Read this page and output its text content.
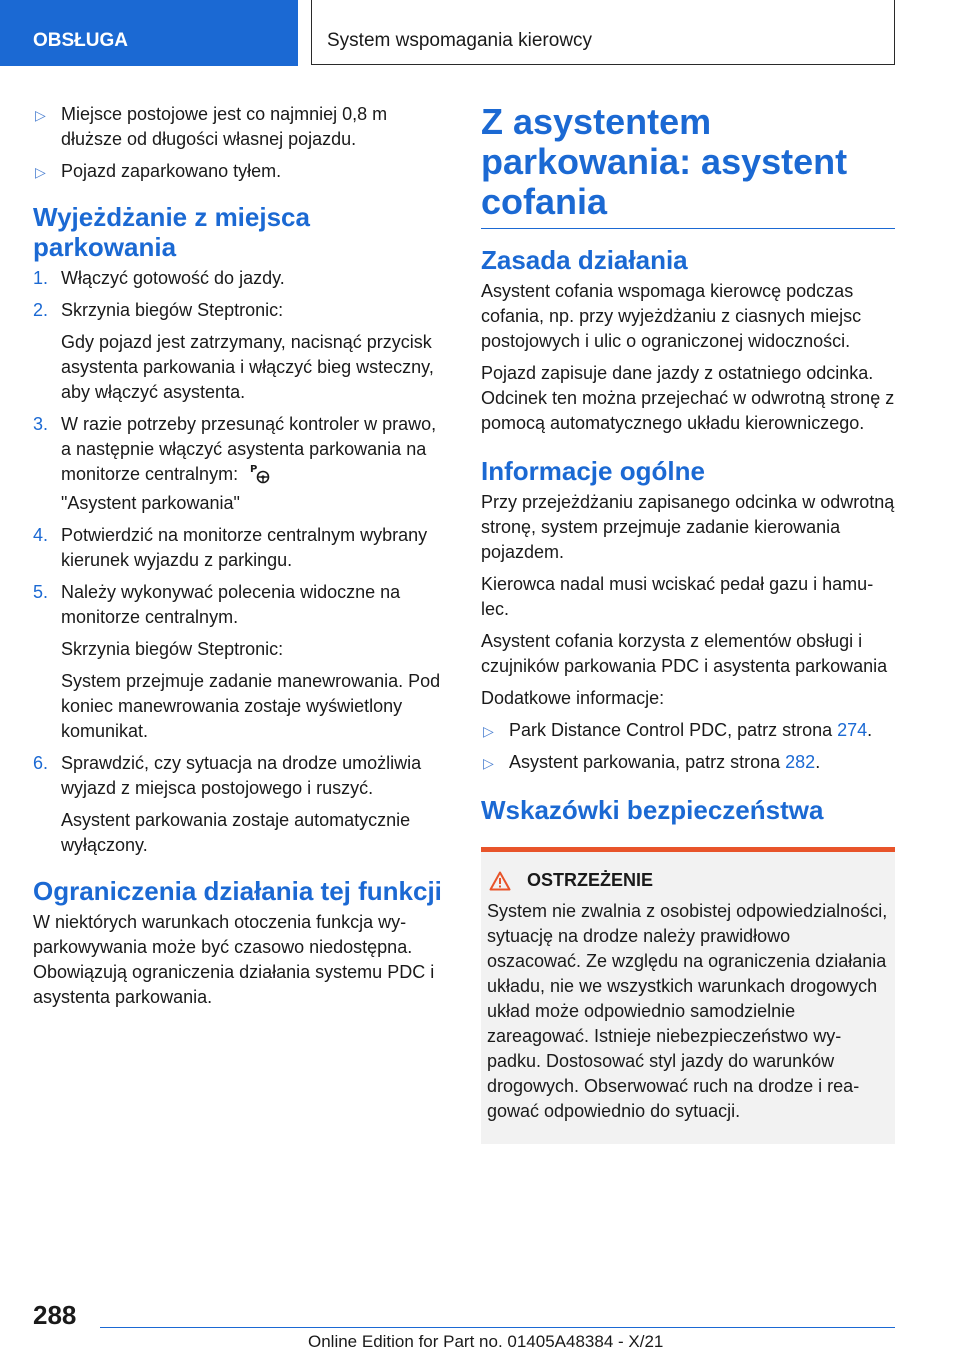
OBSŁUGA	System wspomagania kierowcy
▷ Miejsce postojowe jest co najmniej 0,8 m dłuższe od długości własnej pojazdu.
▷ Pojazd zaparkowano tyłem.
Wyjeżdżanie z miejsca parkowania
1. Włączyć gotowość do jazdy.
2. Skrzynia biegów Steptronic:
Gdy pojazd jest zatrzymany, nacisnąć przycisk asystenta parkowania i włączyć bieg wsteczny, aby włączyć asystenta.
3. W razie potrzeby przesunąć kontroler w prawo, a następnie włączyć asystenta parkowania na monitorze centralnym: P

"Asystent parkowania"
4. Potwierdzić na monitorze centralnym wybrany kierunek wyjazdu z parkingu.
5. Należy wykonywać polecenia widoczne na monitorze centralnym.
Skrzynia biegów Steptronic:
System przejmuje zadanie manewrowania. Pod koniec manewrowania zostaje wyświetlony komunikat.
6. Sprawdzić, czy sytuacja na drodze umożliwia wyjazd z miejsca postojowego i ruszyć.
Asystent parkowania zostaje automatycznie wyłączony.
Ograniczenia działania tej funkcji

W niektórych warunkach otoczenia funkcja wyparkowywania może być czasowo niedostępna. Obowiązują ograniczenia działania systemu PDC i asystenta parkowania.

Z asystentem parkowania: asystent cofania
Zasada działania

Asystent cofania wspomaga kierowcę podczas cofania, np. przy wyjeżdżaniu z ciasnych miejsc postojowych i ulic o ograniczonej widoczności.

Pojazd zapisuje dane jazdy z ostatniego odcinka. Odcinek ten można przejechać w odwrotną stronę z pomocą automatycznego układu kierowniczego.

Informacje ogólne

Przy przejeżdżaniu zapisanego odcinka w odwrotną stronę, system przejmuje zadanie kierowania pojazdem.

Kierowca nadal musi wciskać pedał gazu i hamulec.

Asystent cofania korzysta z elementów obsługi i czujników parkowania PDC i asystenta parkowania

Dodatkowe informacje:

▷ Park Distance Control PDC, patrz strona 274.
▷ Asystent parkowania, patrz strona 282.
Wskazówki bezpieczeństwa
OSTRZEŻENIE
System nie zwalnia z osobistej odpowiedzialności, sytuację na drodze należy prawidłowo oszacować. Ze względu na ograniczenia działania układu, nie we wszystkich warunkach drogowych układ może odpowiednio samodzielnie zareagować. Istnieje niebezpieczeństwo wypadku. Dostosować styl jazdy do warunków drogowych. Obserwować ruch na drodze i reagować odpowiednio do sytuacji.
288
Online Edition for Part no. 01405A48384 - X/21
